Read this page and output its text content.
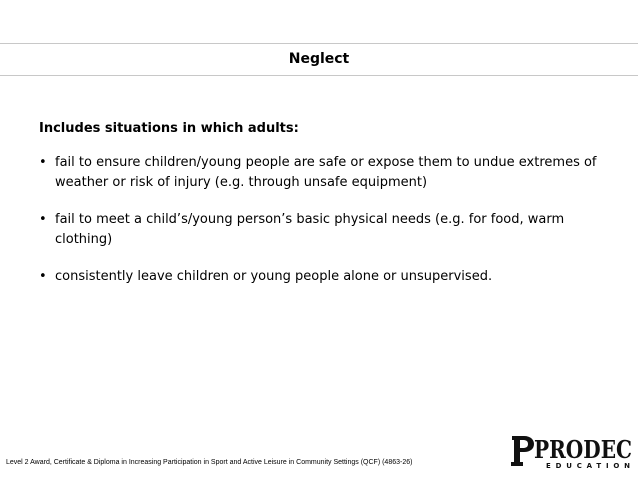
Neglect
Includes situations in which adults:
• fail to ensure children/young people are safe or expose them to undue extremes of
weather or risk of injury (e.g. through unsafe equipment)
• fail to meet a child’s/young person’s basic physical needs (e.g. for food, warm
clothing)
• consistently leave children or young people alone or unsupervised.
Level 2 Award, Certificate & Diploma in Increasing Participation in Sport and Active Leisure in Community Settings (QCF) (4863-26)	PRODEC
EDUCATION
